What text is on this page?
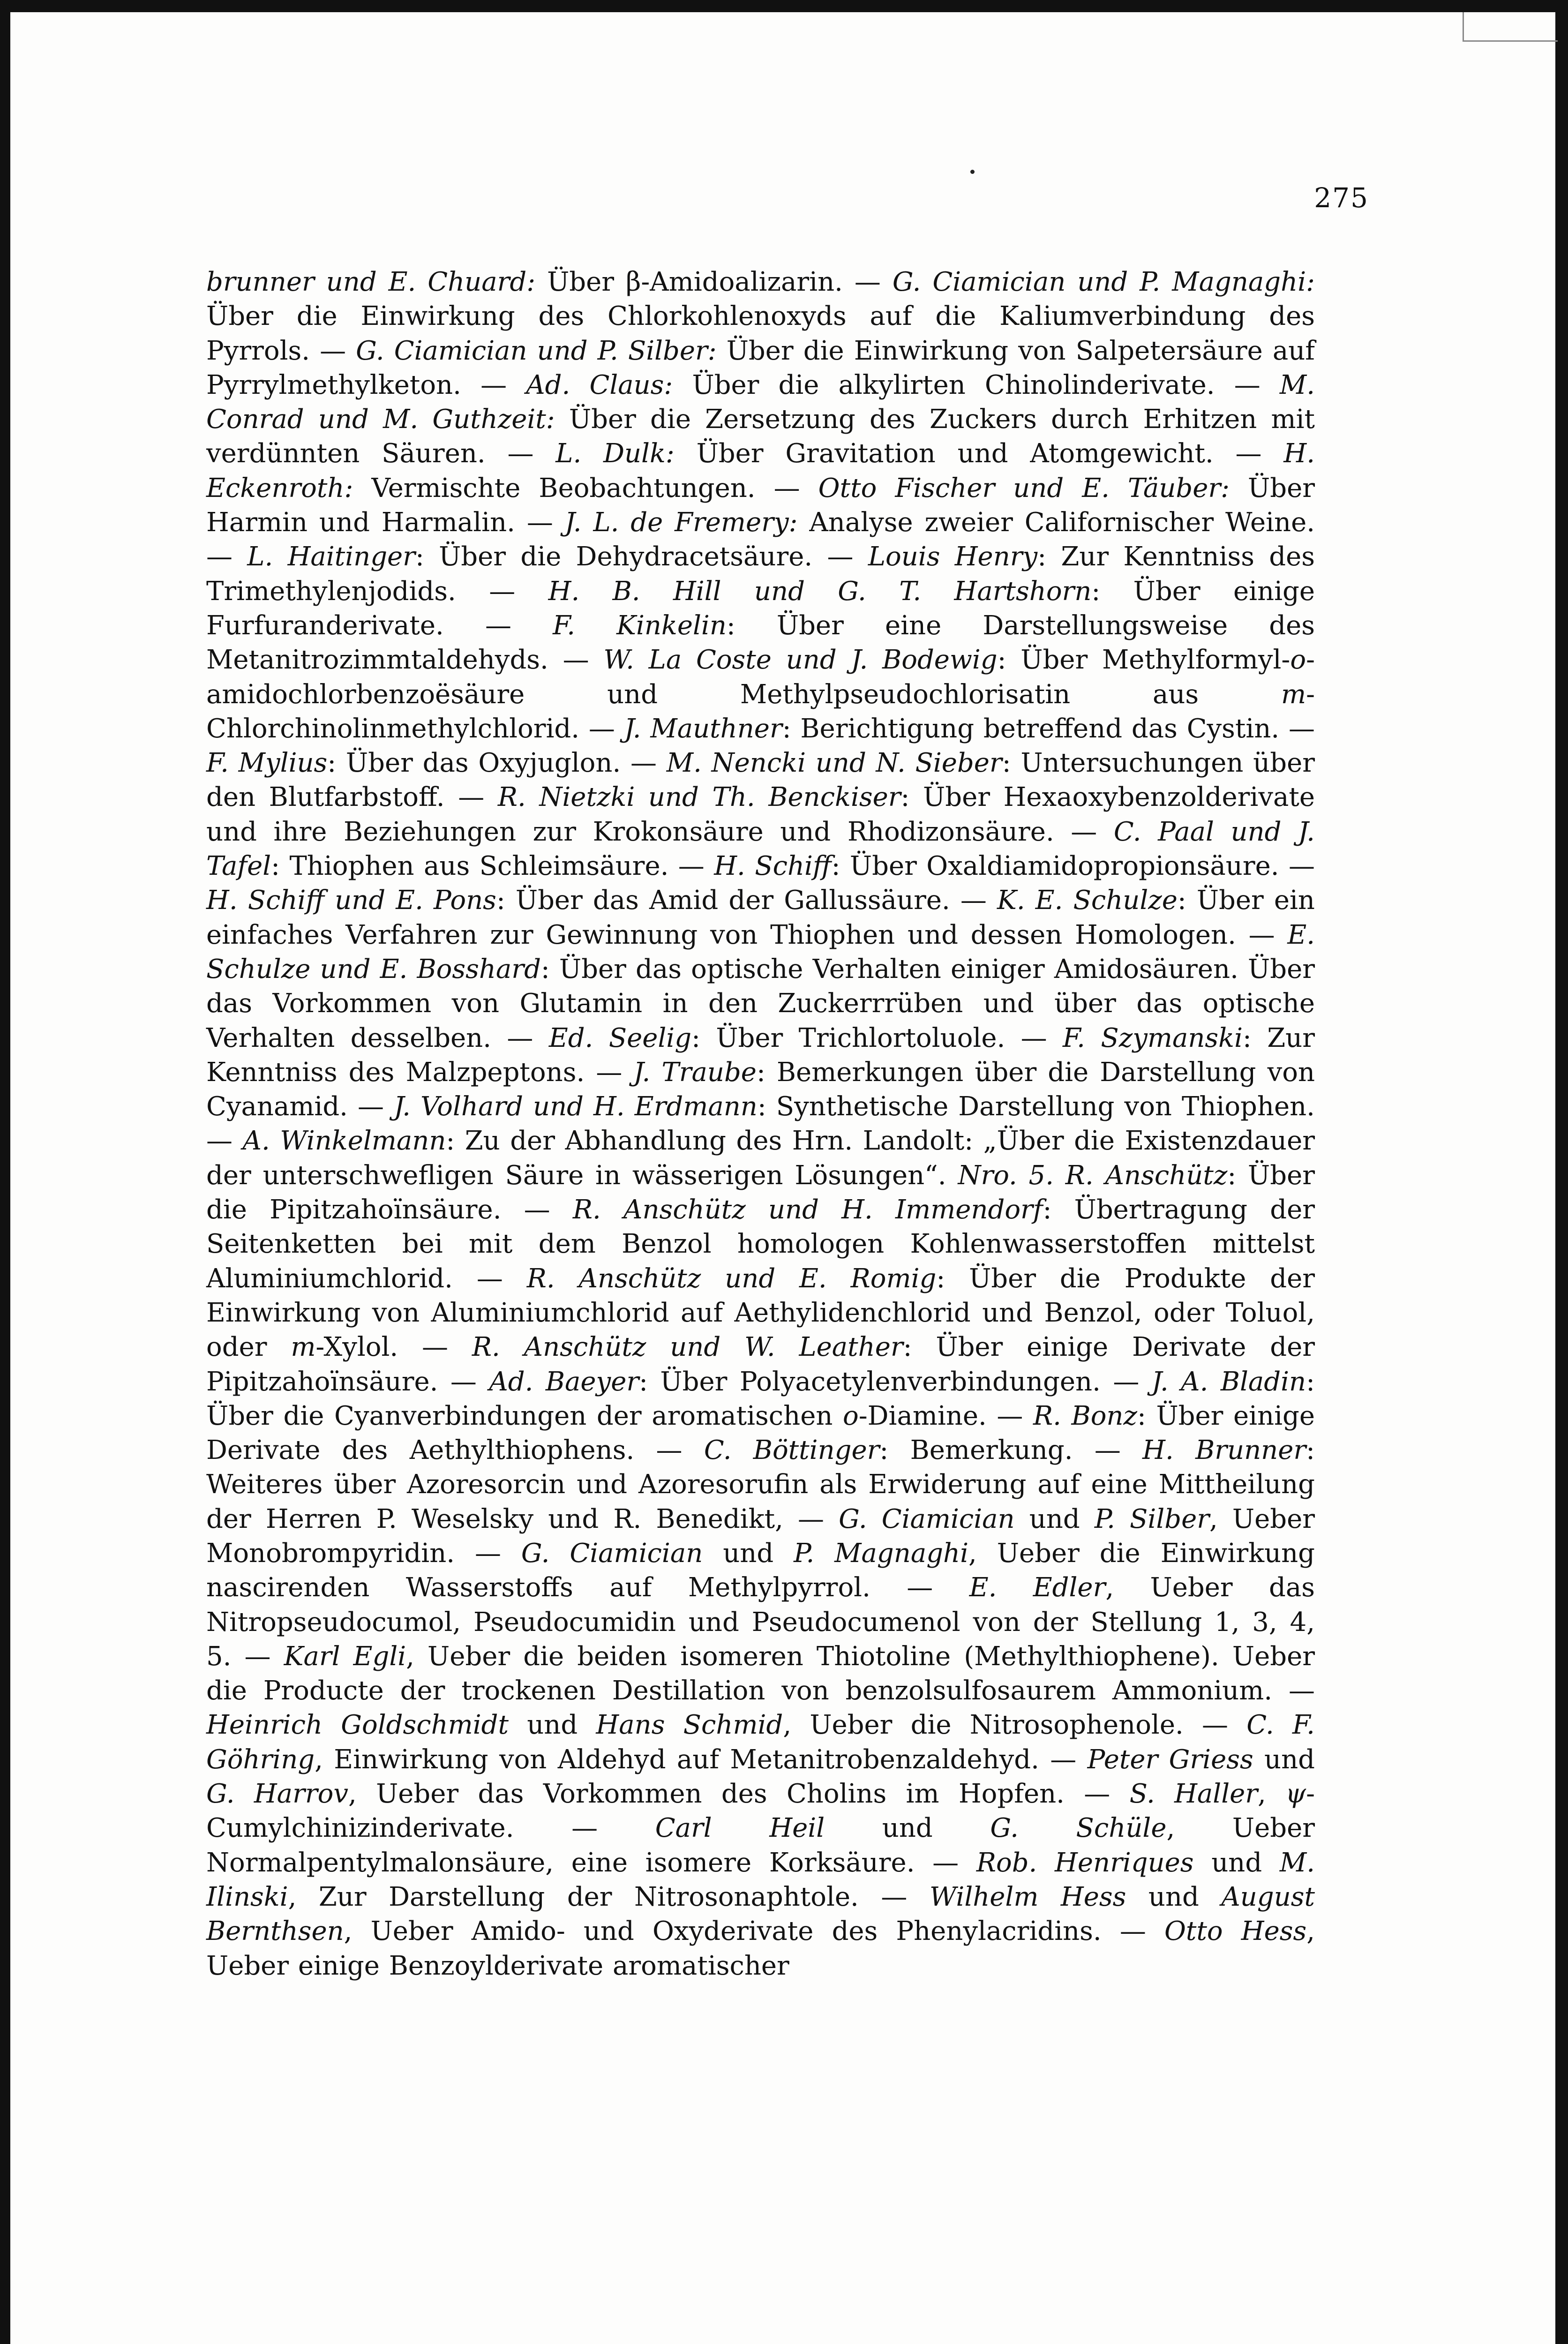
275
brunner und E. Chuard: Über β-Amidoalizarin. — G. Ciamician und P. Magnaghi: Über die Einwirkung des Chlorkohlenoxyds auf die Kaliumverbindung des Pyrrols. — G. Ciamician und P. Silber: Über die Einwirkung von Salpetersäure auf Pyrrylmethylketon. — Ad. Claus: Über die alkylirten Chinolinderivate. — M. Conrad und M. Guthzeit: Über die Zersetzung des Zuckers durch Erhitzen mit verdünnten Säuren. — L. Dulk: Über Gravitation und Atomgewicht. — H. Eckenroth: Vermischte Beobachtungen. — Otto Fischer und E. Täuber: Über Harmin und Harmalin. — J. L. de Fremery: Analyse zweier Californischer Weine. — L. Haitinger: Über die Dehydracetsäure. — Louis Henry: Zur Kenntniss des Trimethylenjodids. — H. B. Hill und G. T. Hartshorn: Über einige Furfuranderivate. — F. Kinkelin: Über eine Darstellungsweise des Metanitrozimmtaldehyds. — W. La Coste und J. Bodewig: Über Methylformyl-o-amidochlorbenzoësäure und Methylpseudochlorisatin aus m-Chlorchinolinmethylchlorid. — J. Mauthner: Berichtigung betreffend das Cystin. — F. Mylius: Über das Oxyjuglon. — M. Nencki und N. Sieber: Untersuchungen über den Blutfarbstoff. — R. Nietzki und Th. Benckiser: Über Hexaoxybenzolderivate und ihre Beziehungen zur Krokonsäure und Rhodizonsäure. — C. Paal und J. Tafel: Thiophen aus Schleimsäure. — H. Schiff: Über Oxaldiamidopropionsäure. — H. Schiff und E. Pons: Über das Amid der Gallussäure. — K. E. Schulze: Über ein einfaches Verfahren zur Gewinnung von Thiophen und dessen Homologen. — E. Schulze und E. Bosshard: Über das optische Verhalten einiger Amidosäuren. Über das Vorkommen von Glutamin in den Zuckerrrüben und über das optische Verhalten desselben. — Ed. Seelig: Über Trichlortoluole. — F. Szymanski: Zur Kenntniss des Malzpeptons. — J. Traube: Bemerkungen über die Darstellung von Cyanamid. — J. Volhard und H. Erdmann: Synthetische Darstellung von Thiophen. — A. Winkelmann: Zu der Abhandlung des Hrn. Landolt: „Über die Existenzdauer der unterschwefligen Säure in wässerigen Lösungen“. Nro. 5. R. Anschütz: Über die Pipitzahoïnsäure. — R. Anschütz und H. Immendorf: Übertragung der Seitenketten bei mit dem Benzol homologen Kohlenwasserstoffen mittelst Aluminiumchlorid. — R. Anschütz und E. Romig: Über die Produkte der Einwirkung von Aluminiumchlorid auf Aethylidenchlorid und Benzol, oder Toluol, oder m-Xylol. — R. Anschütz und W. Leather: Über einige Derivate der Pipitzahoïnsäure. — Ad. Baeyer: Über Polyacetylenverbindungen. — J. A. Bladin: Über die Cyanverbindungen der aromatischen o-Diamine. — R. Bonz: Über einige Derivate des Aethylthiophens. — C. Böttinger: Bemerkung. — H. Brunner: Weiteres über Azoresorcin und Azoresorufin als Erwiderung auf eine Mittheilung der Herren P. Weselsky und R. Benedikt, — G. Ciamician und P. Silber, Ueber Monobrompyridin. — G. Ciamician und P. Magnaghi, Ueber die Einwirkung nascirenden Wasserstoffs auf Methylpyrrol. — E. Edler, Ueber das Nitropseudocumol, Pseudocumidin und Pseudocumenol von der Stellung 1, 3, 4, 5. — Karl Egli, Ueber die beiden isomeren Thiotoline (Methylthiophene). Ueber die Producte der trockenen Destillation von benzolsulfosaurem Ammonium. — Heinrich Goldschmidt und Hans Schmid, Ueber die Nitrosophenole. — C. F. Göhring, Einwirkung von Aldehyd auf Metanitrobenzaldehyd. — Peter Griess und G. Harrov, Ueber das Vorkommen des Cholins im Hopfen. — S. Haller, ψ-Cumylchinizinderivate. — Carl Heil und G. Schüle, Ueber Normalpentylmalonsäure, eine isomere Korksäure. — Rob. Henriques und M. Ilinski, Zur Darstellung der Nitrosonaphtole. — Wilhelm Hess und August Bernthsen, Ueber Amido- und Oxyderivate des Phenylacridins. — Otto Hess, Ueber einige Benzoylderivate aromatischer
